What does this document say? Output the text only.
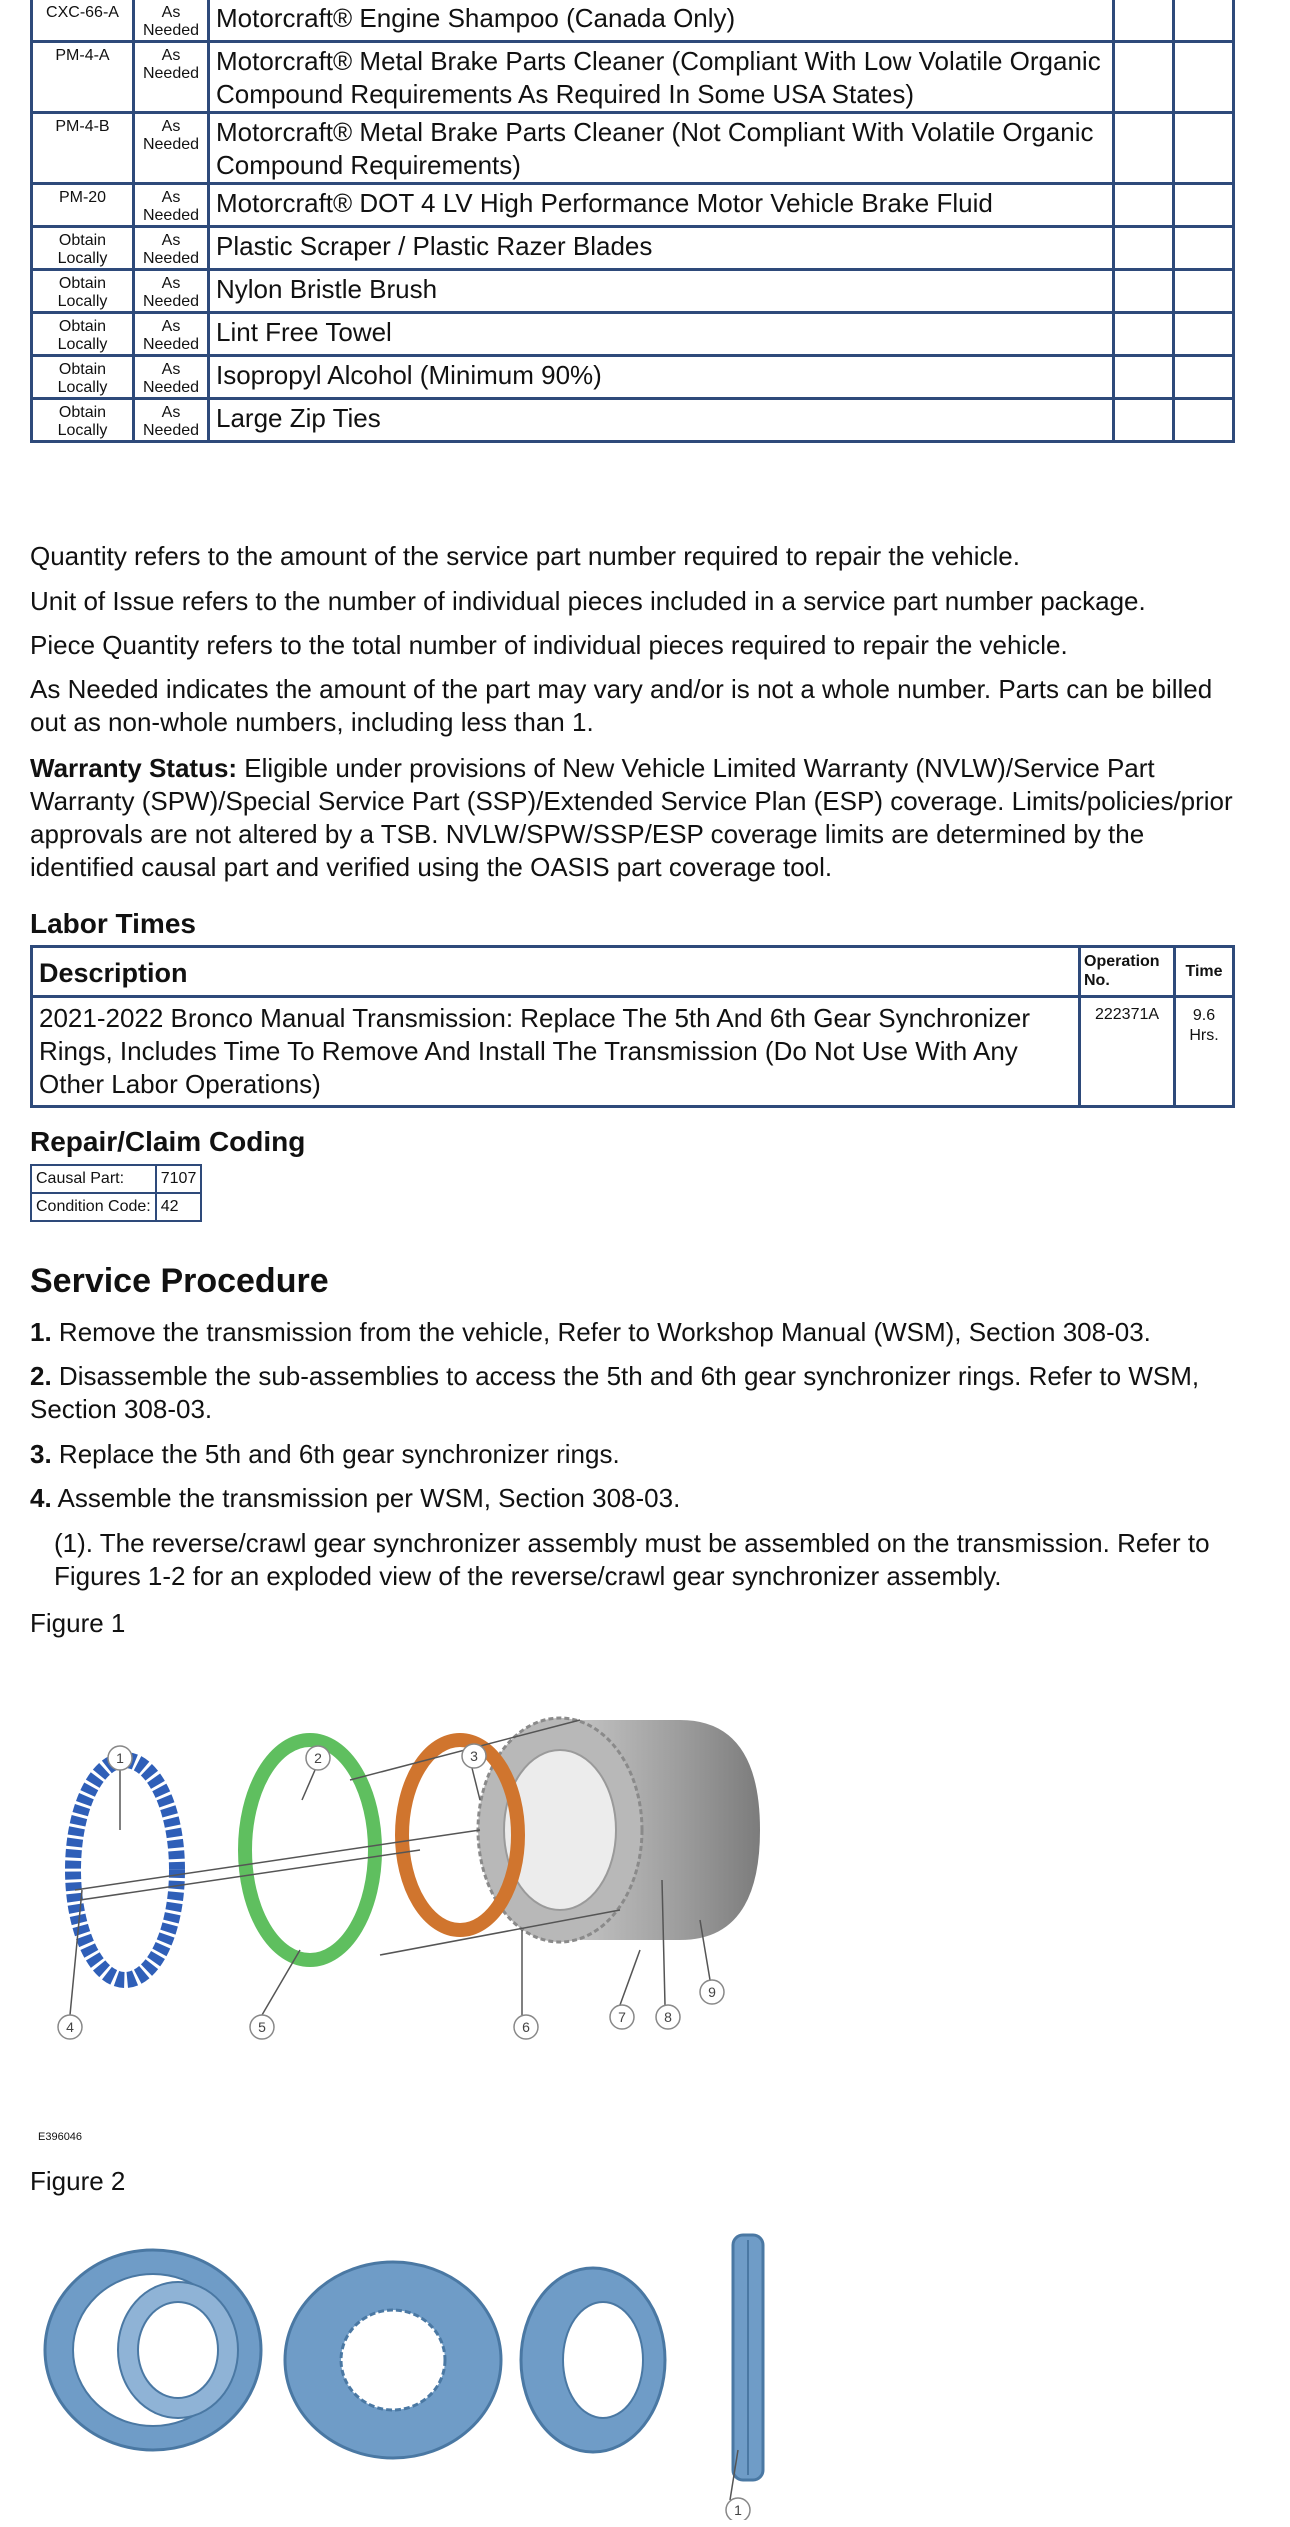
CXC-66-A	As Needed	Motorcraft® Engine Shampoo (Canada Only)		
PM-4-A	As Needed	Motorcraft® Metal Brake Parts Cleaner (Compliant With Low Volatile Organic Compound Requirements As Required In Some USA States)		
PM-4-B	As Needed	Motorcraft® Metal Brake Parts Cleaner (Not Compliant With Volatile Organic Compound Requirements)		
PM-20	As Needed	Motorcraft® DOT 4 LV High Performance Motor Vehicle Brake Fluid		
Obtain Locally	As Needed	Plastic Scraper / Plastic Razer Blades		
Obtain Locally	As Needed	Nylon Bristle Brush		
Obtain Locally	As Needed	Lint Free Towel		
Obtain Locally	As Needed	Isopropyl Alcohol (Minimum 90%)		
Obtain Locally	As Needed	Large Zip Ties		

Quantity refers to the amount of the service part number required to repair the vehicle.

Unit of Issue refers to the number of individual pieces included in a service part number package.

Piece Quantity refers to the total number of individual pieces required to repair the vehicle.

As Needed indicates the amount of the part may vary and/or is not a whole number. Parts can be billed out as non-whole numbers, including less than 1.

Warranty Status: Eligible under provisions of New Vehicle Limited Warranty (NVLW)/Service Part Warranty (SPW)/Special Service Part (SSP)/Extended Service Plan (ESP) coverage. Limits/policies/prior approvals are not altered by a TSB. NVLW/SPW/SSP/ESP coverage limits are determined by the identified causal part and verified using the OASIS part coverage tool.

Labor Times

Description	Operation No.	Time
2021-2022 Bronco Manual Transmission: Replace The 5th And 6th Gear Synchronizer Rings, Includes Time To Remove And Install The Transmission (Do Not Use With Any Other Labor Operations)	222371A	9.6 Hrs.

Repair/Claim Coding

Causal Part:	7107
Condition Code:	42

Service Procedure

1. Remove the transmission from the vehicle, Refer to Workshop Manual (WSM), Section 308-03.

2. Disassemble the sub-assemblies to access the 5th and 6th gear synchronizer rings. Refer to WSM, Section 308-03.

3. Replace the 5th and 6th gear synchronizer rings.

4. Assemble the transmission per WSM, Section 308-03.

(1). The reverse/crawl gear synchronizer assembly must be assembled on the transmission. Refer to Figures 1-2 for an exploded view of the reverse/crawl gear synchronizer assembly.

Figure 1

1	2	3
4	5	6
7	8
9

E396046

Figure 2

1
